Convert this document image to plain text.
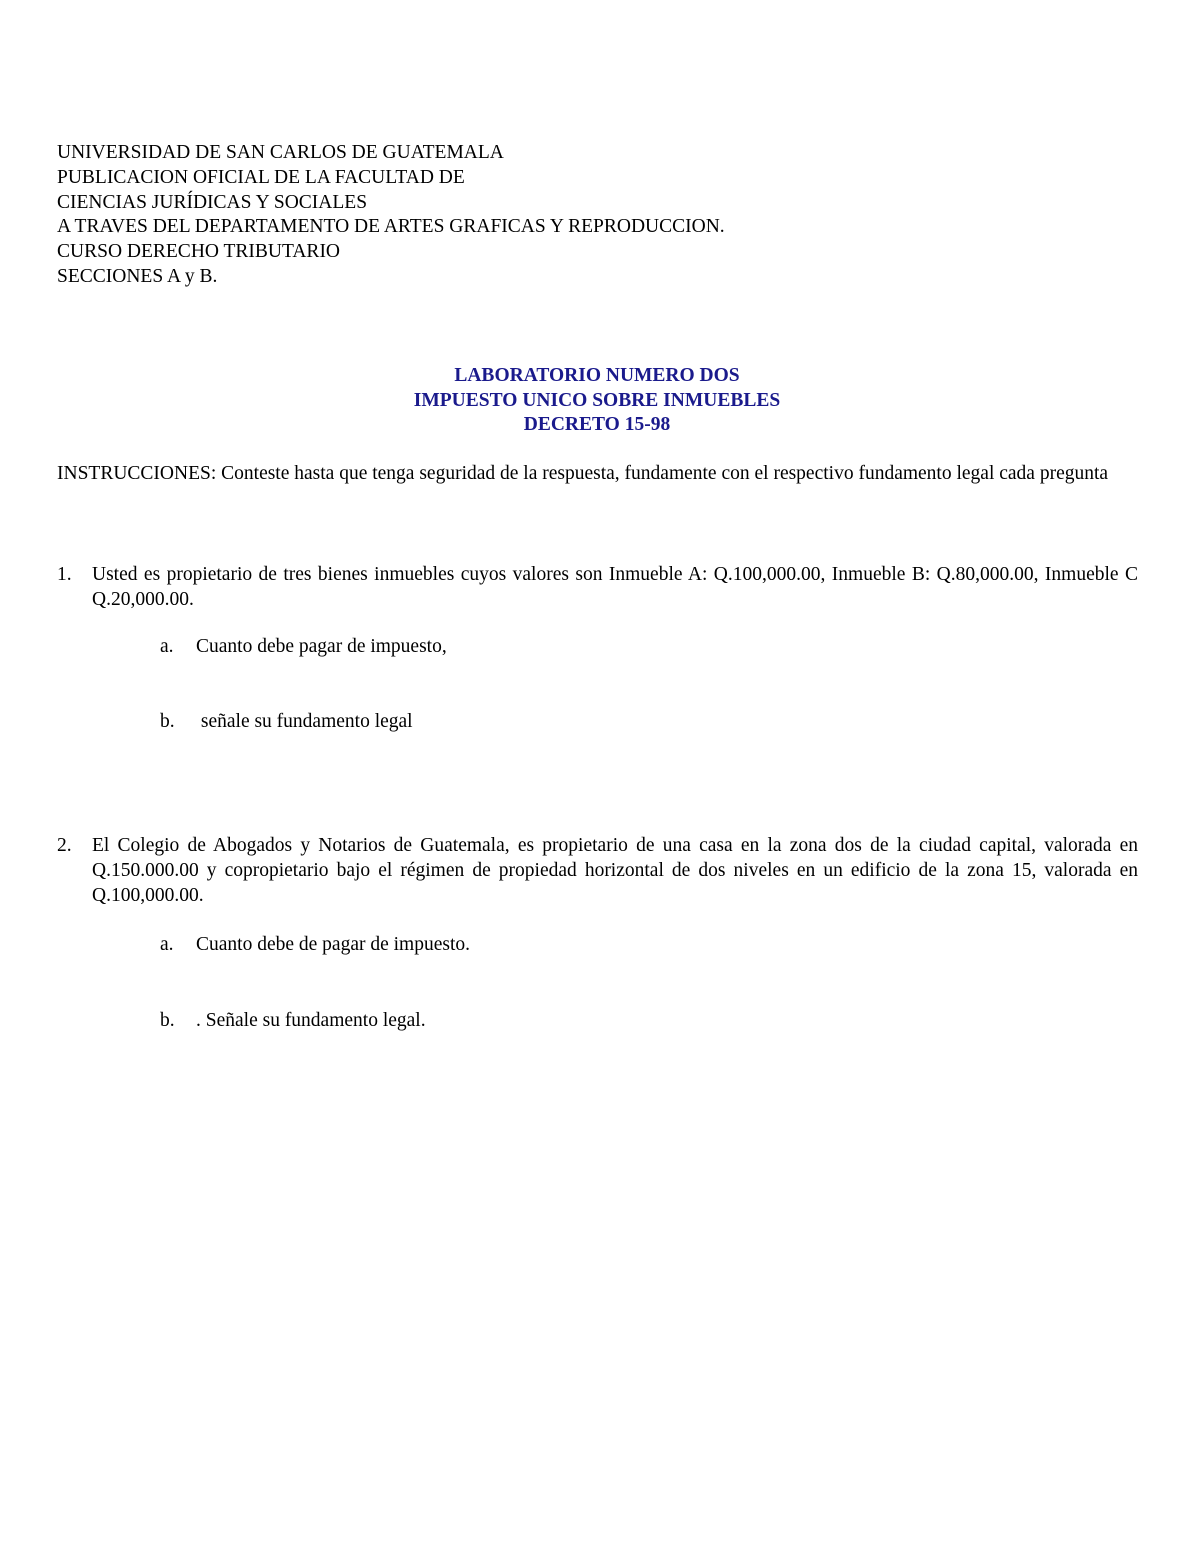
UNIVERSIDAD DE SAN CARLOS DE GUATEMALA
PUBLICACION OFICIAL DE LA FACULTAD DE
CIENCIAS JURÍDICAS Y SOCIALES
A TRAVES DEL DEPARTAMENTO DE ARTES GRAFICAS Y REPRODUCCION.
CURSO DERECHO TRIBUTARIO
SECCIONES A y B.
LABORATORIO NUMERO DOS
IMPUESTO UNICO SOBRE INMUEBLES
DECRETO 15-98
INSTRUCCIONES: Conteste hasta que tenga seguridad de la respuesta, fundamente con el respectivo fundamento legal cada pregunta
1.	Usted es propietario de tres bienes inmuebles cuyos valores son Inmueble A: Q.100,000.00, Inmueble B: Q.80,000.00, Inmueble C Q.20,000.00.
a. Cuanto debe pagar de impuesto,
b. señale su fundamento legal
2.	El Colegio de Abogados y Notarios de Guatemala, es propietario de una casa en la zona dos de la ciudad capital, valorada en Q.150.000.00 y copropietario bajo el régimen de propiedad horizontal de dos niveles en un edificio de la zona 15, valorada en Q.100,000.00.
a. Cuanto debe de pagar de impuesto.
b. . Señale su fundamento legal.
